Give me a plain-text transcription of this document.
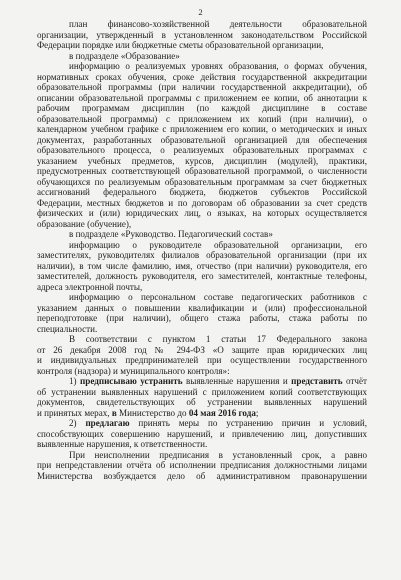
2
план финансово-хозяйственной деятельности образовательной
организации, утвержденный в установленном законодательством Российской
Федерации порядке или бюджетные сметы образовательной организации,
в подразделе «Образование»
информацию о реализуемых уровнях образования, о формах обучения,
нормативных сроках обучения, сроке действия государственной аккредитации
образовательной программы (при наличии государственной аккредитации), об
описании образовательной программы с приложением ее копии, об аннотации к
рабочим программам дисциплин (по каждой дисциплине в составе
образовательной программы) с приложением их копий (при наличии), о
календарном учебном графике с приложением его копии, о методических и иных
документах, разработанных образовательной организацией для обеспечения
образовательного процесса, о реализуемых образовательных программах с
указанием учебных предметов, курсов, дисциплин (модулей), практики,
предусмотренных соответствующей образовательной программой, о численности
обучающихся по реализуемым образовательным программам за счет бюджетных
ассигнований федерального бюджета, бюджетов субъектов Российской
Федерации, местных бюджетов и по договорам об образовании за счет средств
физических и (или) юридических лиц, о языках, на которых осуществляется
образование (обучение),
в подразделе «Руководство. Педагогический состав»
информацию о руководителе образовательной организации, его
заместителях, руководителях филиалов образовательной организации (при их
наличии), в том числе фамилию, имя, отчество (при наличии) руководителя, его
заместителей, должность руководителя, его заместителей, контактные телефоны,
адреса электронной почты,
информацию о персональном составе педагогических работников с
указанием данных о повышении квалификации и (или) профессиональной
переподготовке (при наличии), общего стажа работы, стажа работы по
специальности.
В соответствии с пунктом 1 статьи 17 Федерального закона
от 26 декабря 2008 год № 294-ФЗ «О защите прав юридических лиц
и индивидуальных предпринимателей при осуществлении государственного
контроля (надзора) и муниципального контроля»:
1) предписываю устранить выявленные нарушения и представить отчёт
об устранении выявленных нарушений с приложением копий соответствующих
документов, свидетельствующих об устранении выявленных нарушений
и принятых мерах, в Министерство до 04 мая 2016 года;
2) предлагаю принять меры по устранению причин и условий,
способствующих совершению нарушений, и привлечению лиц, допустивших
выявленные нарушения, к ответственности.
При неисполнении предписания в установленный срок, а равно
при непредставлении отчёта об исполнении предписания должностными лицами
Министерства возбуждается дело об административном правонарушении
